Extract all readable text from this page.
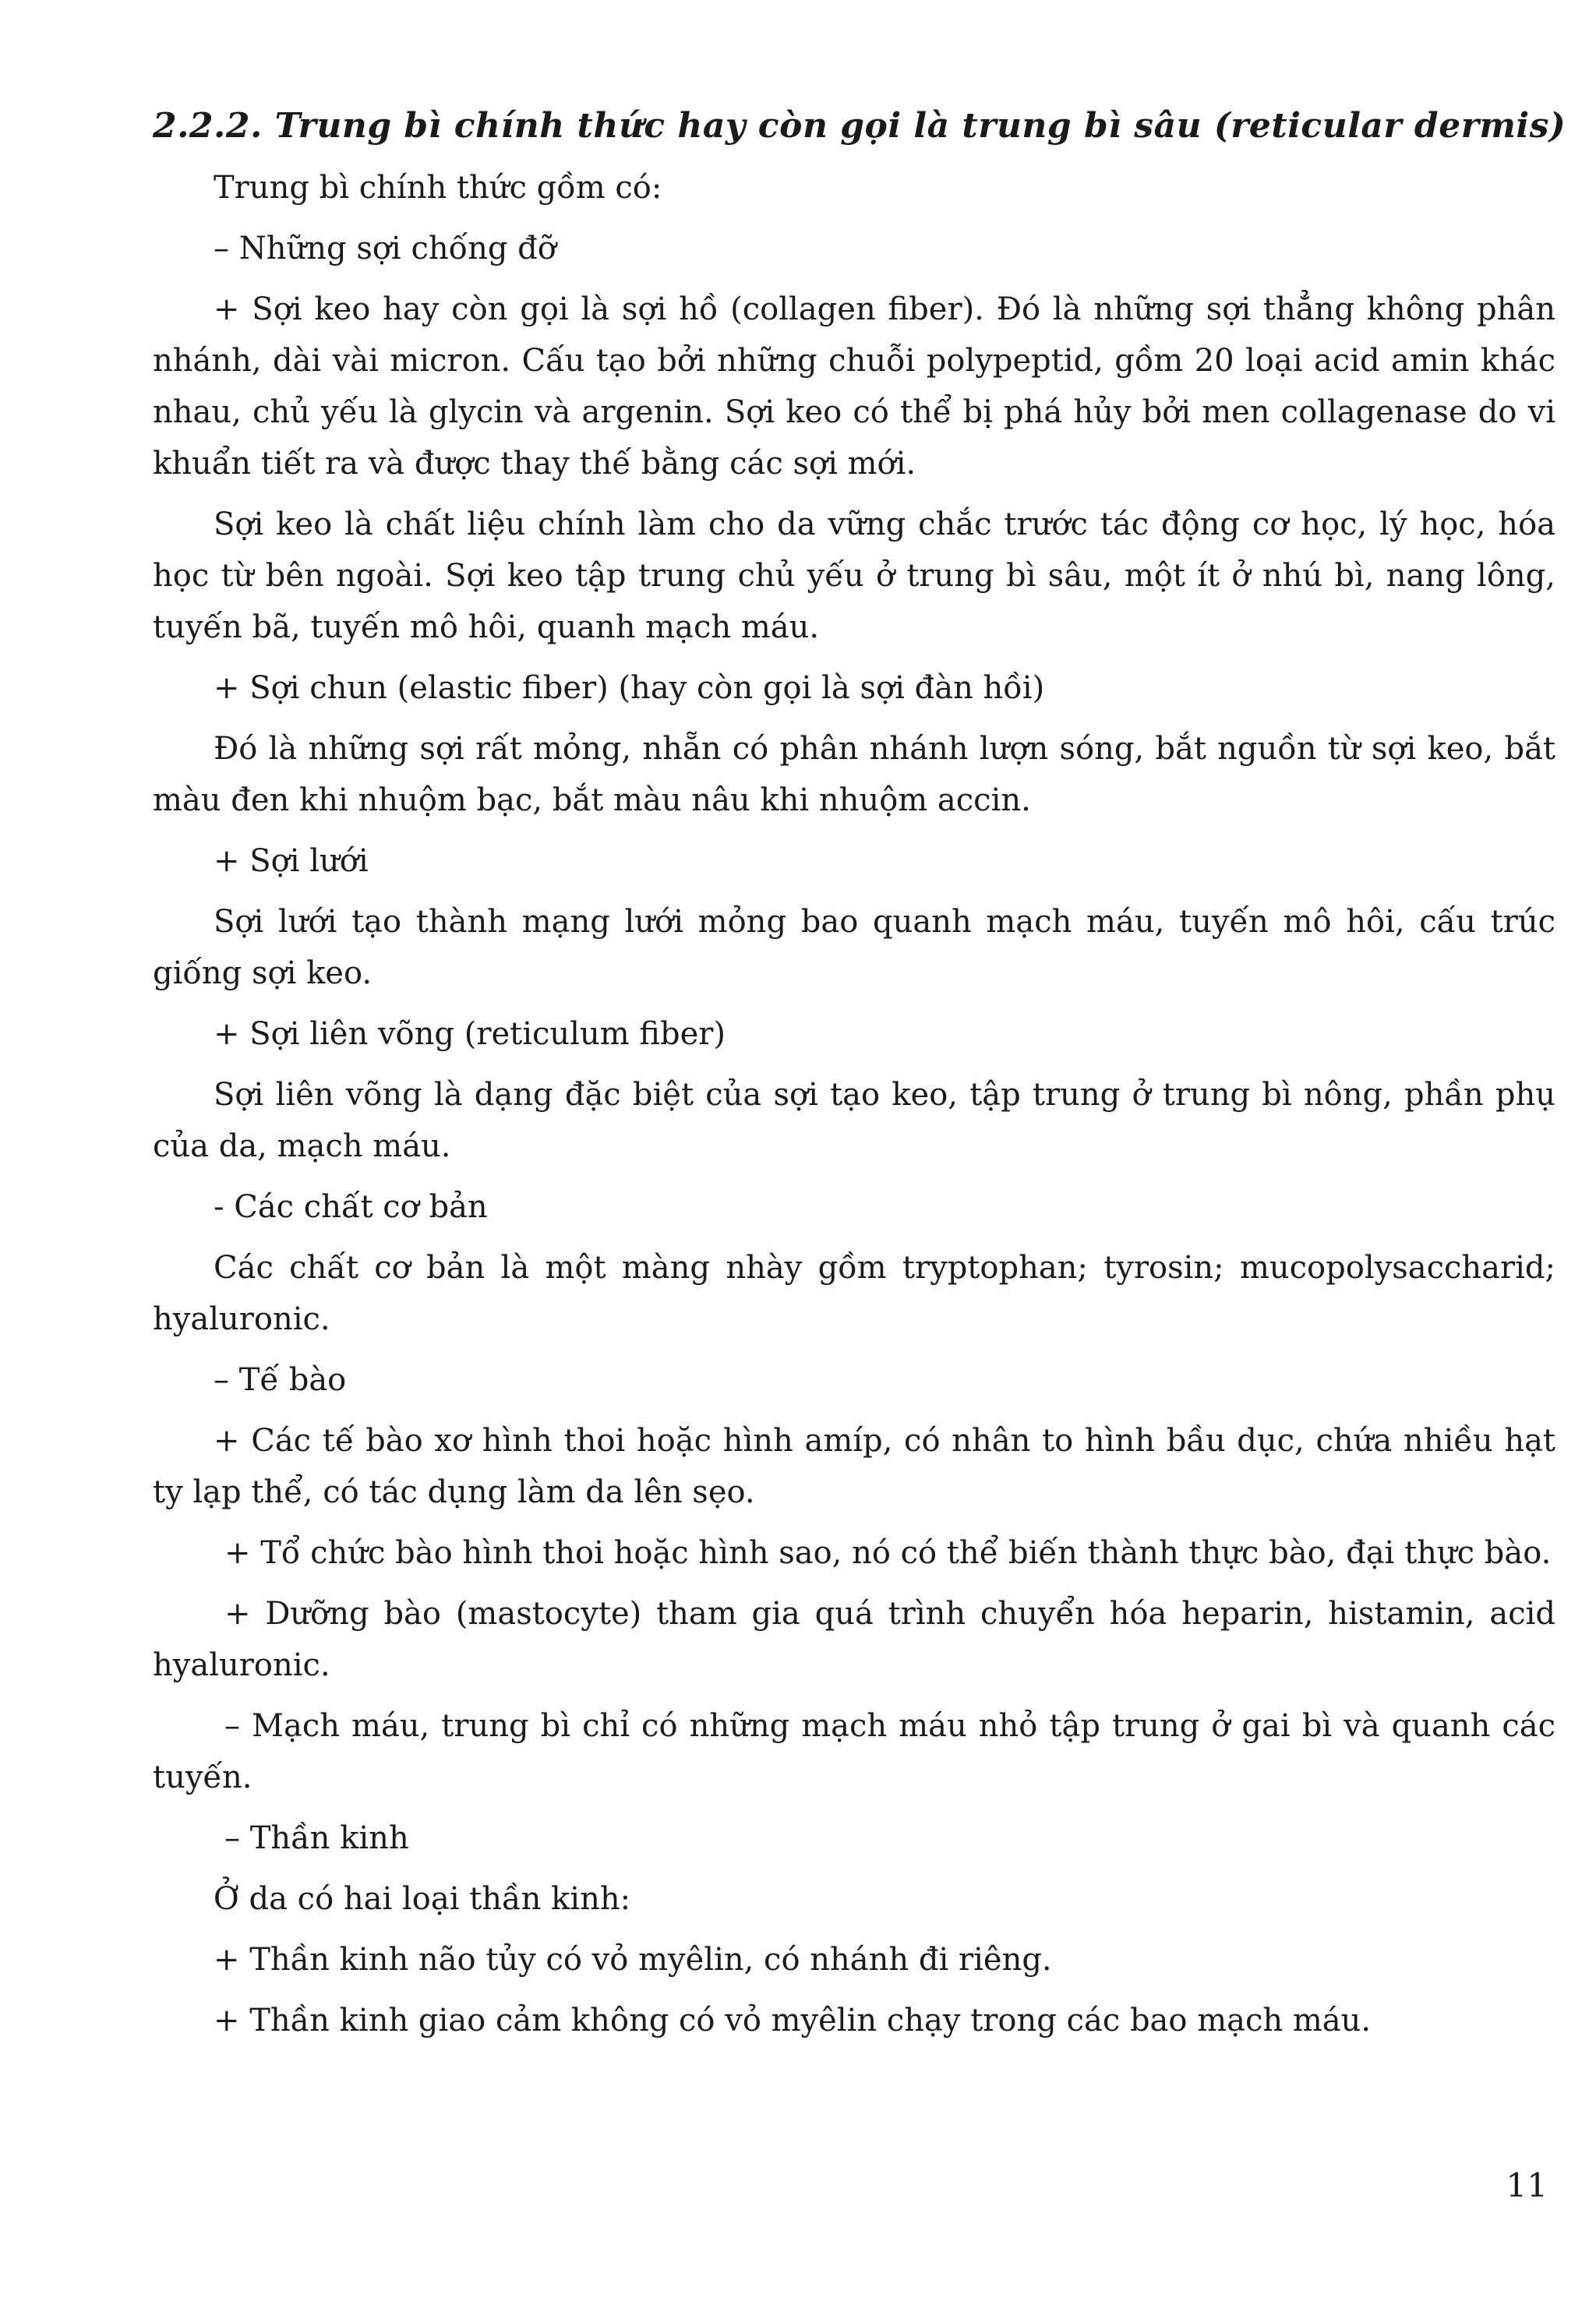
2.2.2. Trung bì chính thức hay còn gọi là trung bì sâu (reticular dermis)

Trung bì chính thức gồm có:

– Những sợi chống đỡ

+ Sợi keo hay còn gọi là sợi hồ (collagen fiber). Đó là những sợi thẳng không phân nhánh, dài vài micron. Cấu tạo bởi những chuỗi polypeptid, gồm 20 loại acid amin khác nhau, chủ yếu là glycin và argenin. Sợi keo có thể bị phá hủy bởi men collagenase do vi khuẩn tiết ra và được thay thế bằng các sợi mới.

Sợi keo là chất liệu chính làm cho da vững chắc trước tác động cơ học, lý học, hóa học từ bên ngoài. Sợi keo tập trung chủ yếu ở trung bì sâu, một ít ở nhú bì, nang lông, tuyến bã, tuyến mô hôi, quanh mạch máu.

+ Sợi chun (elastic fiber) (hay còn gọi là sợi đàn hồi)

Đó là những sợi rất mỏng, nhẵn có phân nhánh lượn sóng, bắt nguồn từ sợi keo, bắt màu đen khi nhuộm bạc, bắt màu nâu khi nhuộm accin.

+ Sợi lưới

Sợi lưới tạo thành mạng lưới mỏng bao quanh mạch máu, tuyến mô hôi, cấu trúc giống sợi keo.

+ Sợi liên võng (reticulum fiber)

Sợi liên võng là dạng đặc biệt của sợi tạo keo, tập trung ở trung bì nông, phần phụ của da, mạch máu.

- Các chất cơ bản

Các chất cơ bản là một màng nhày gồm tryptophan; tyrosin; mucopolysaccharid; hyaluronic.

– Tế bào

+ Các tế bào xơ hình thoi hoặc hình amíp, có nhân to hình bầu dục, chứa nhiều hạt ty lạp thể, có tác dụng làm da lên sẹo.

+ Tổ chức bào hình thoi hoặc hình sao, nó có thể biến thành thực bào, đại thực bào.

+ Dưỡng bào (mastocyte) tham gia quá trình chuyển hóa heparin, histamin, acid hyaluronic.

– Mạch máu, trung bì chỉ có những mạch máu nhỏ tập trung ở gai bì và quanh các tuyến.

– Thần kinh

Ở da có hai loại thần kinh:

+ Thần kinh não tủy có vỏ myêlin, có nhánh đi riêng.

+ Thần kinh giao cảm không có vỏ myêlin chạy trong các bao mạch máu.

11
